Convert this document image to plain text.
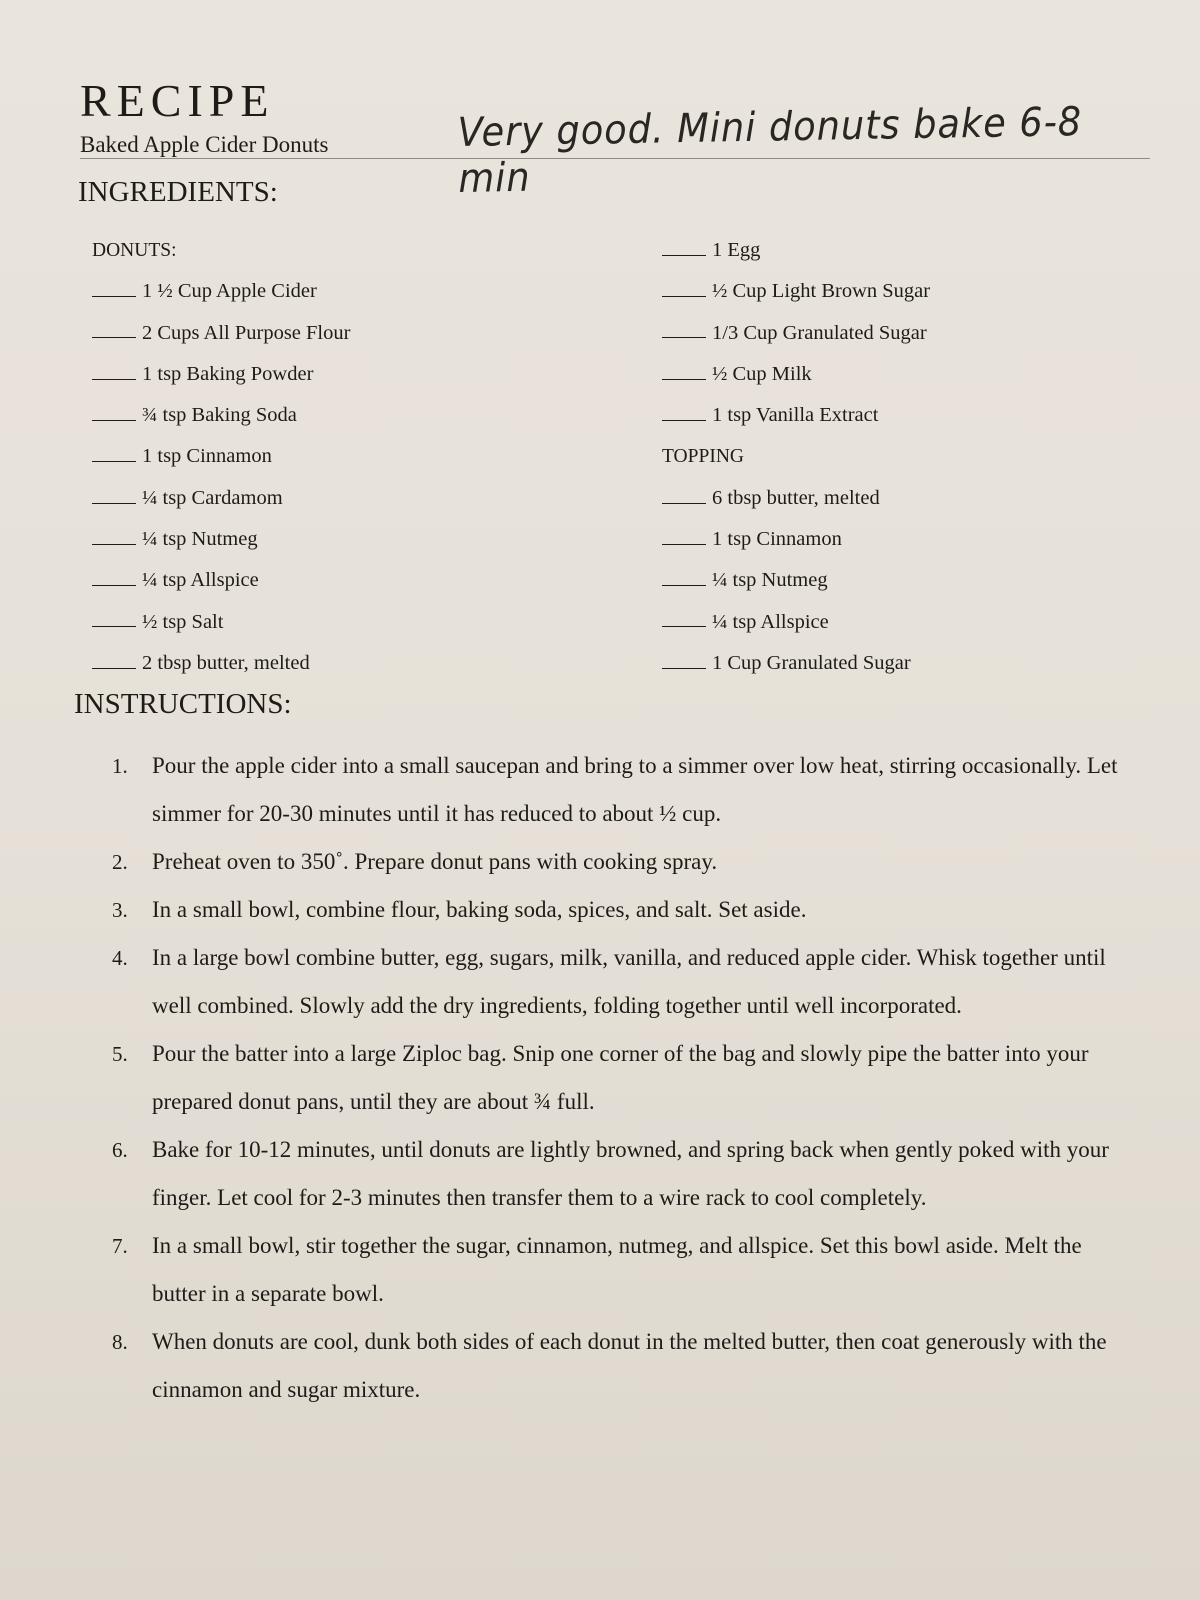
RECIPE
Baked Apple Cider Donuts	Very good. Mini donuts bake 6-8 min
INGREDIENTS:
DONUTS:
1 ½ Cup Apple Cider
2 Cups All Purpose Flour
1 tsp Baking Powder
¾ tsp Baking Soda
1 tsp Cinnamon
¼ tsp Cardamom
¼ tsp Nutmeg
¼ tsp Allspice
½ tsp Salt
2 tbsp butter, melted
1 Egg
½ Cup Light Brown Sugar
1/3 Cup Granulated Sugar
½ Cup Milk
1 tsp Vanilla Extract
TOPPING
6 tbsp butter, melted
1 tsp Cinnamon
¼ tsp Nutmeg
¼ tsp Allspice
1 Cup Granulated Sugar
INSTRUCTIONS:
1. Pour the apple cider into a small saucepan and bring to a simmer over low heat, stirring occasionally. Let simmer for 20-30 minutes until it has reduced to about ½ cup.
2. Preheat oven to 350˚. Prepare donut pans with cooking spray.
3. In a small bowl, combine flour, baking soda, spices, and salt. Set aside.
4. In a large bowl combine butter, egg, sugars, milk, vanilla, and reduced apple cider. Whisk together until well combined. Slowly add the dry ingredients, folding together until well incorporated.
5. Pour the batter into a large Ziploc bag. Snip one corner of the bag and slowly pipe the batter into your prepared donut pans, until they are about ¾ full.
6. Bake for 10-12 minutes, until donuts are lightly browned, and spring back when gently poked with your finger. Let cool for 2-3 minutes then transfer them to a wire rack to cool completely.
7. In a small bowl, stir together the sugar, cinnamon, nutmeg, and allspice. Set this bowl aside. Melt the butter in a separate bowl.
8. When donuts are cool, dunk both sides of each donut in the melted butter, then coat generously with the cinnamon and sugar mixture.
